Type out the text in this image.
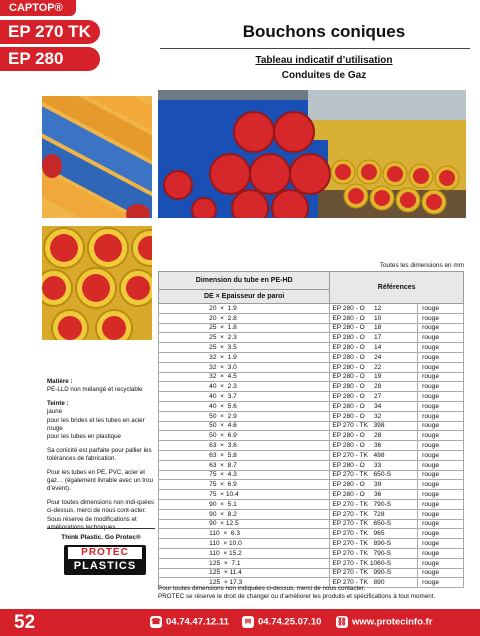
CAPTOP®
EP 270 TK
EP 280
Bouchons coniques
Tableau indicatif d’utilisation
Conduites de Gaz

Matière :
PE-LLD non mélangé et recyclable

Teinte :
jaune
pour les brides et les tubes en acier rouge
pour les tubes en plastique

Sa conicité est parfaite pour pallier les tolérances de fabrication.

Pour les tubes en PE, PVC, acier et gaz… (également livrable avec un trou d’event).

Pour toutes dimensions non indi-quées ci-dessus, merci de nous cont-acter. Sous réserve de modifications et

Think Plastic. Go Protec®
PROTEC
PLASTICS
Toutes les dimensions en mm
Dimension du tube en PE-HD	Références	
DE × Epaisseur de paroi		
20  ×  1.9	EP 280 - O     12	rouge
20  ×  2.8	EP 280 - O     10	rouge
25  ×  1.8	EP 280 - O     18	rouge
25  ×  2.3	EP 280 - O     17	rouge
25  ×  3.5	EP 280 - O     14	rouge
32  ×  1.9	EP 280 - O     24	rouge
32  ×  3.0	EP 280 - O     22	rouge
32  ×  4.5	EP 280 - O     19	rouge
40  ×  2.3	EP 280 - O     28	rouge
40  ×  3.7	EP 280 - O     27	rouge
40  ×  5.6	EP 280 - O     34	rouge
50  ×  2.9	EP 280 - O     32	rouge
50  ×  4.6	EP 270 - TK   398	rouge
50  ×  6.9	EP 280 - O     28	rouge
63  ×  3.6	EP 280 - O     36	rouge
63  ×  5.8	EP 270 - TK   498	rouge
63  ×  8.7	EP 280 - O     33	rouge
75  ×  4.3	EP 270 - TK   650-S	rouge
75  ×  6.9	EP 280 - O     39	rouge
75  × 10.4	EP 280 - O     36	rouge
90  ×  5.1	EP 270 - TK   790-S	rouge
90  ×  8.2	EP 270 - TK   728	rouge
90  × 12.5	EP 270 - TK   650-S	rouge
110  ×  6.3	EP 270 - TK   965	rouge
110  × 10.0	EP 270 - TK   890-S	rouge
110  × 15.2	EP 270 - TK   790-S	rouge
125  ×  7.1	EP 270 - TK 1060-S	rouge
125  × 11.4	EP 270 - TK   990-S	rouge
125  × 17.3	EP 270 - TK   890	rouge
Pour toutes dimensions non indiquées ci-dessus, merci de nous contacter.
PROTEC se réserve le droit de changer ou d’améliorer les produits et spécifications à tout moment.
52	☎ 04.74.47.12.11	✉ 04.74.25.07.10 ⛓ www.protecinfo.fr
